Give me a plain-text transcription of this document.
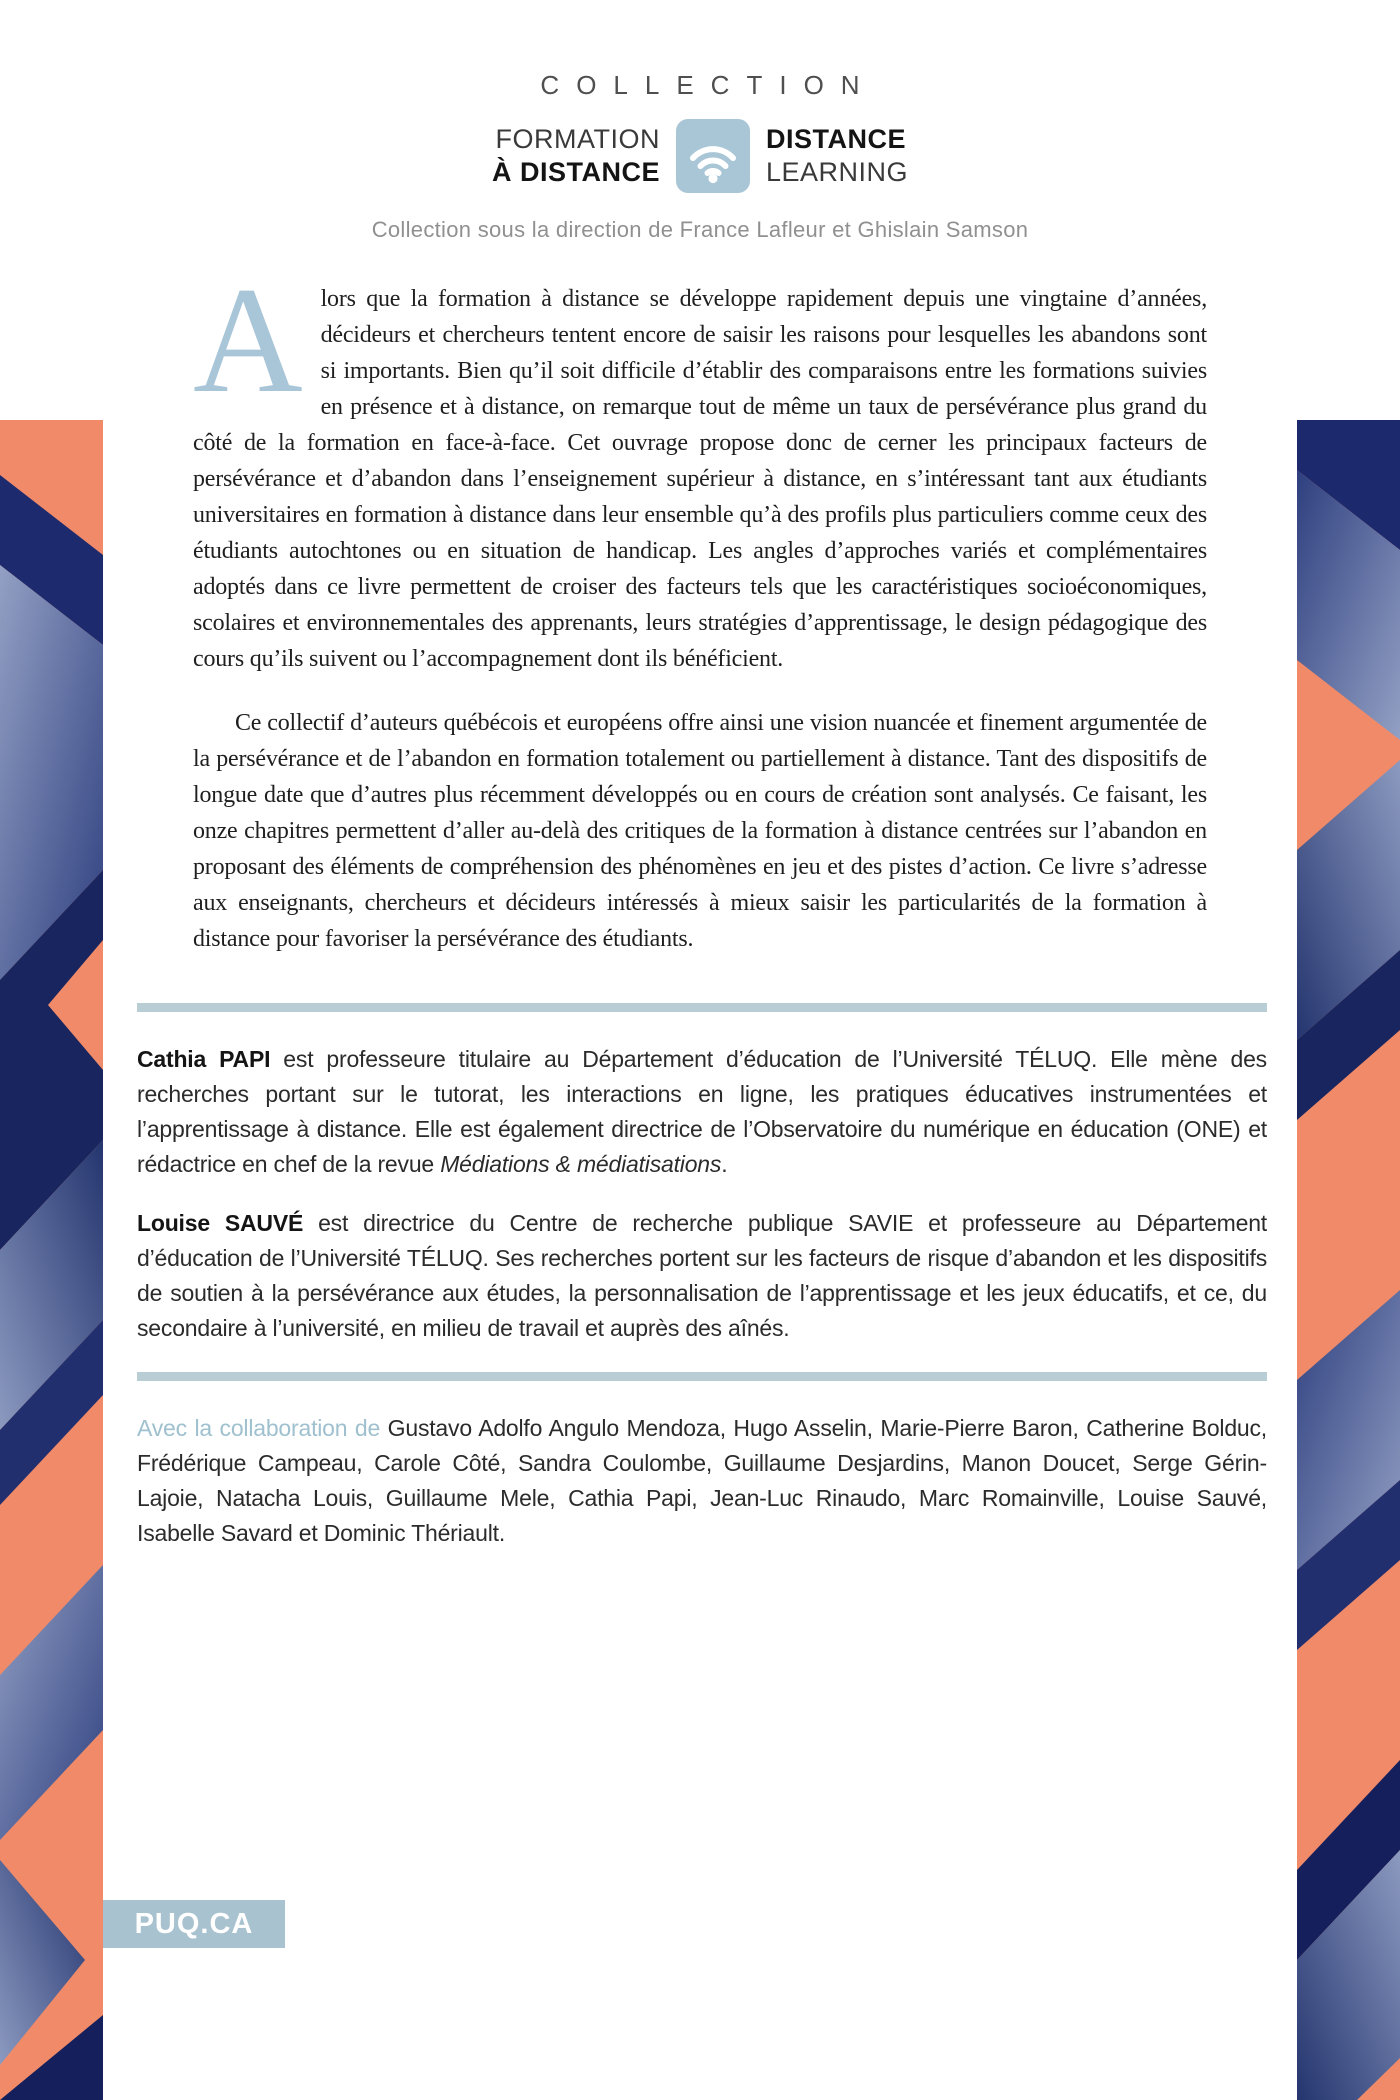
COLLECTION
FORMATION
À DISTANCE
DISTANCE
LEARNING
Collection sous la direction de France Lafleur et Ghislain Samson

Alors que la formation à distance se développe rapidement depuis une vingtaine d’années, décideurs et chercheurs tentent encore de saisir les raisons pour lesquelles les abandons sont si importants. Bien qu’il soit difficile d’établir des comparaisons entre les formations suivies en présence et à distance, on remarque tout de même un taux de persévérance plus grand du côté de la formation en face-à-face. Cet ouvrage propose donc de cerner les principaux facteurs de persévérance et d’abandon dans l’enseignement supérieur à distance, en s’intéressant tant aux étudiants universitaires en formation à distance dans leur ensemble qu’à des profils plus particuliers comme ceux des étudiants autochtones ou en situation de handicap. Les angles d’approches variés et complémentaires adoptés dans ce livre permettent de croiser des facteurs tels que les caractéristiques socioéconomiques, scolaires et environnementales des apprenants, leurs stratégies d’apprentissage, le design pédagogique des cours qu’ils suivent ou l’accompagnement dont ils bénéficient.

Ce collectif d’auteurs québécois et européens offre ainsi une vision nuancée et finement argumentée de la persévérance et de l’abandon en formation totalement ou partiellement à distance. Tant des dispositifs de longue date que d’autres plus récemment développés ou en cours de création sont analysés. Ce faisant, les onze chapitres permettent d’aller au-delà des critiques de la formation à distance centrées sur l’abandon en proposant des éléments de compréhension des phénomènes en jeu et des pistes d’action. Ce livre s’adresse aux enseignants, chercheurs et décideurs intéressés à mieux saisir les particularités de la formation à distance pour favoriser la persévérance des étudiants.

Cathia PAPI est professeure titulaire au Département d’éducation de l’Université TÉLUQ. Elle mène des recherches portant sur le tutorat, les interactions en ligne, les pratiques éducatives instrumentées et l’apprentissage à distance. Elle est également directrice de l’Observatoire du numérique en éducation (ONE) et rédactrice en chef de la revue Médiations & médiatisations.

Louise SAUVÉ est directrice du Centre de recherche publique SAVIE et professeure au Département d’éducation de l’Université TÉLUQ. Ses recherches portent sur les facteurs de risque d’abandon et les dispositifs de soutien à la persévérance aux études, la personnalisation de l’apprentissage et les jeux éducatifs, et ce, du secondaire à l’université, en milieu de travail et auprès des aînés.

Avec la collaboration de Gustavo Adolfo Angulo Mendoza, Hugo Asselin, Marie-Pierre Baron, Catherine Bolduc, Frédérique Campeau, Carole Côté, Sandra Coulombe, Guillaume Desjardins, Manon Doucet, Serge Gérin-Lajoie, Natacha Louis, Guillaume Mele, Cathia Papi, Jean-Luc Rinaudo, Marc Romainville, Louise Sauvé, Isabelle Savard et Dominic Thériault.

PUQ.CA
